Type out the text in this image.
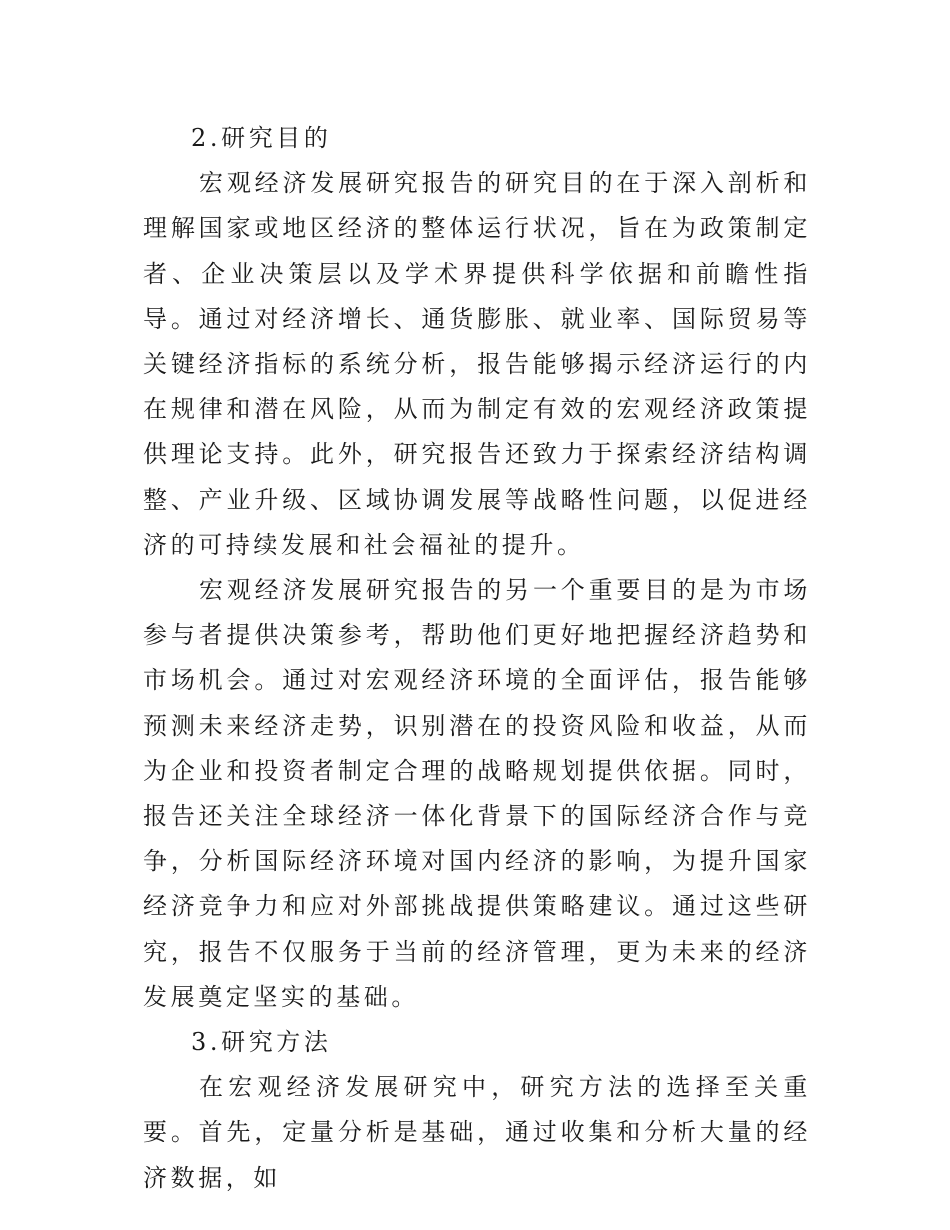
2.研究目的

宏观经济发展研究报告的研究目的在于深入剖析和理解国家或地区经济的整体运行状况，旨在为政策制定者、企业决策层以及学术界提供科学依据和前瞻性指导。通过对经济增长、通货膨胀、就业率、国际贸易等关键经济指标的系统分析，报告能够揭示经济运行的内在规律和潜在风险，从而为制定有效的宏观经济政策提供理论支持。此外，研究报告还致力于探索经济结构调整、产业升级、区域协调发展等战略性问题，以促进经济的可持续发展和社会福祉的提升。

宏观经济发展研究报告的另一个重要目的是为市场参与者提供决策参考，帮助他们更好地把握经济趋势和市场机会。通过对宏观经济环境的全面评估，报告能够预测未来经济走势，识别潜在的投资风险和收益，从而为企业和投资者制定合理的战略规划提供依据。同时，报告还关注全球经济一体化背景下的国际经济合作与竞争，分析国际经济环境对国内经济的影响，为提升国家经济竞争力和应对外部挑战提供策略建议。通过这些研究，报告不仅服务于当前的经济管理，更为未来的经济发展奠定坚实的基础。

3.研究方法

在宏观经济发展研究中，研究方法的选择至关重要。首先，定量分析是基础，通过收集和分析大量的经济数据，如
